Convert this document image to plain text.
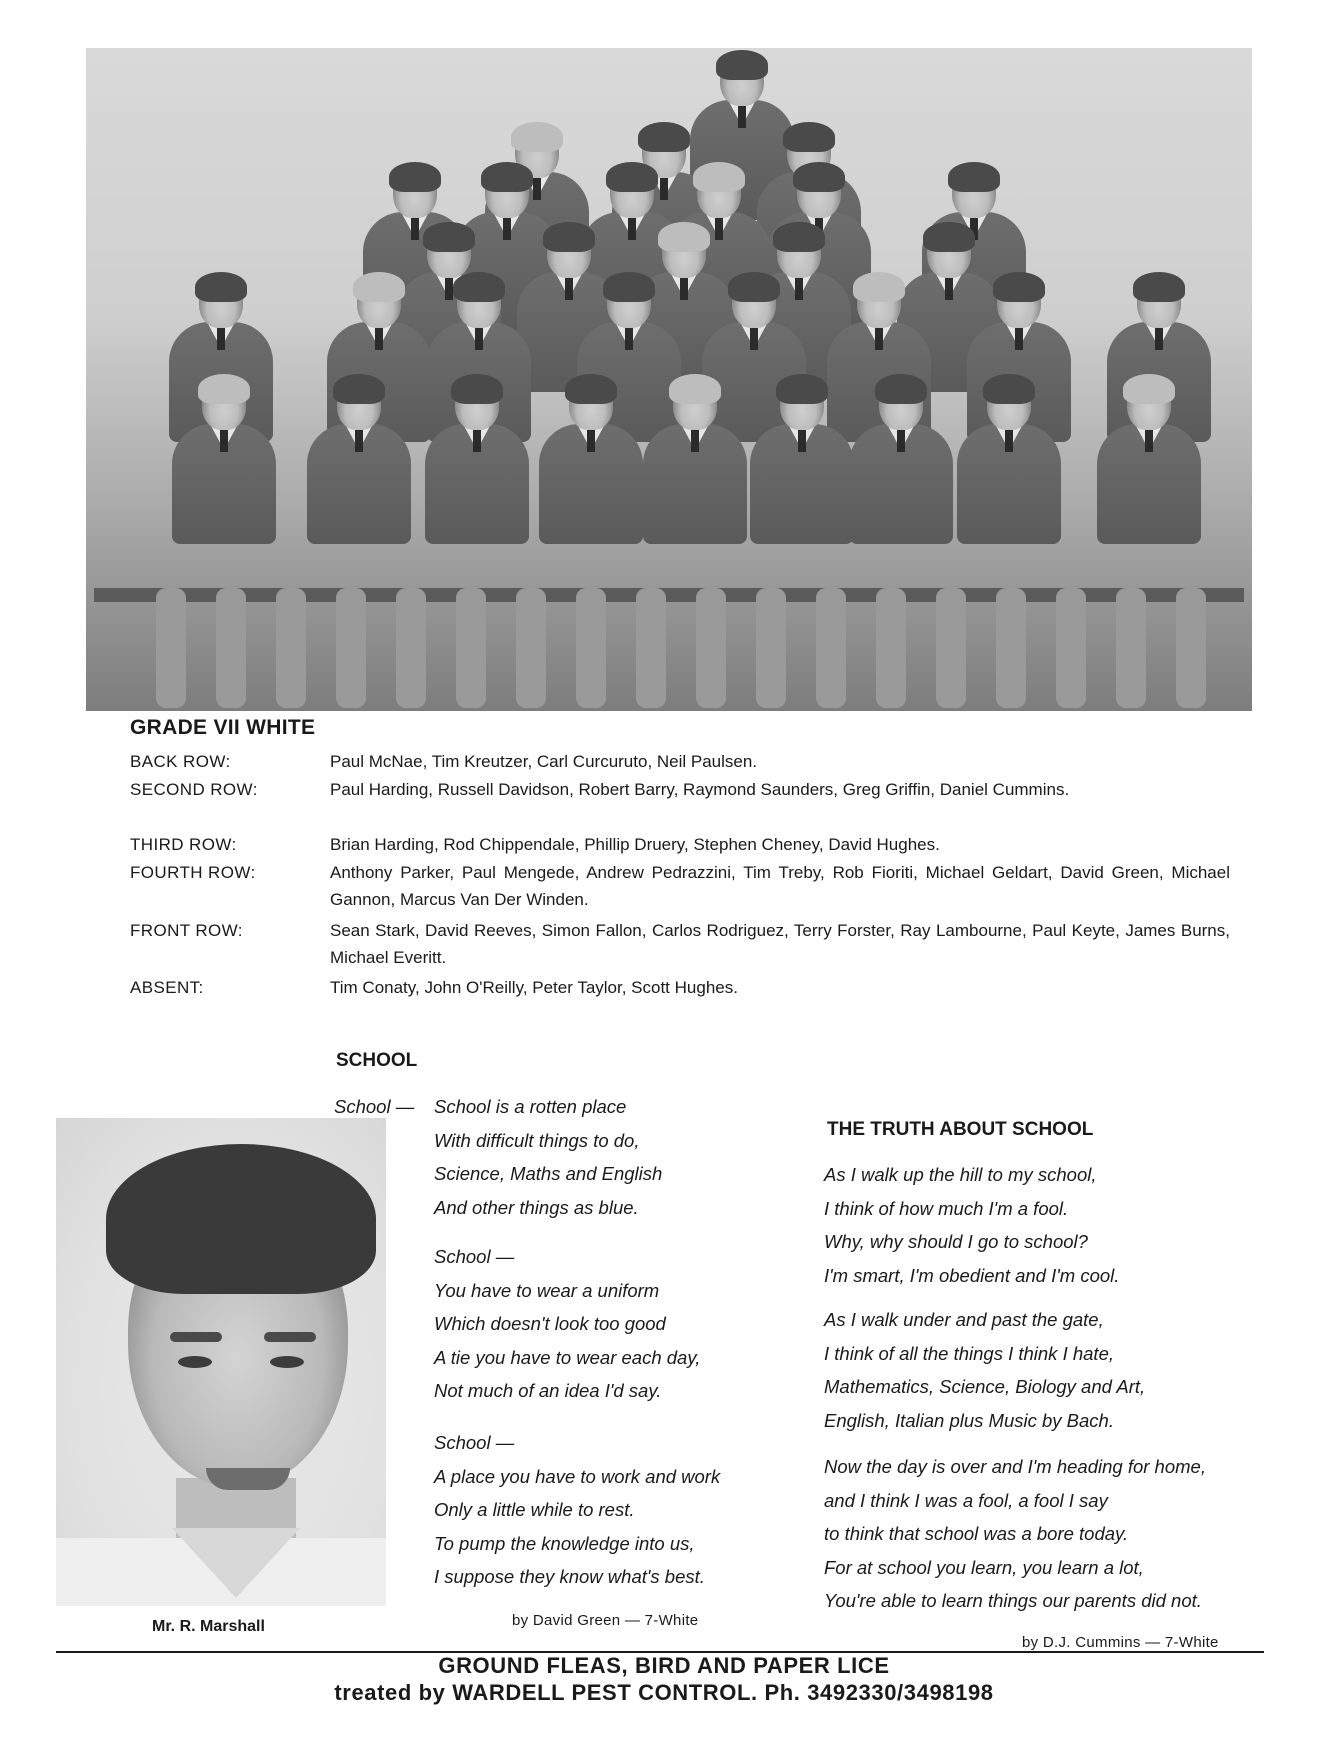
GRADE VII WHITE
BACK ROW:	Paul McNae, Tim Kreutzer, Carl Curcuruto, Neil Paulsen.
SECOND ROW:	Paul Harding, Russell Davidson, Robert Barry, Raymond Saunders, Greg Griffin, Daniel Cummins.
THIRD ROW:	Brian Harding, Rod Chippendale, Phillip Druery, Stephen Cheney, David Hughes.
FOURTH ROW:	Anthony Parker, Paul Mengede, Andrew Pedrazzini, Tim Treby, Rob Fioriti, Michael Geldart, David Green, Michael Gannon, Marcus Van Der Winden.
FRONT ROW:	Sean Stark, David Reeves, Simon Fallon, Carlos Rodriguez, Terry Forster, Ray Lambourne, Paul Keyte, James Burns, Michael Everitt.
ABSENT:	Tim Conaty, John O'Reilly, Peter Taylor, Scott Hughes.
SCHOOL
School — School is a rotten place
With difficult things to do,
Science, Maths and English
And other things as blue.
School —
You have to wear a uniform
Which doesn't look too good
A tie you have to wear each day,
Not much of an idea I'd say.
School —
A place you have to work and work
Only a little while to rest.
To pump the knowledge into us,
I suppose they know what's best.
by David Green — 7-White
THE TRUTH ABOUT SCHOOL
As I walk up the hill to my school,
I think of how much I'm a fool.
Why, why should I go to school?
I'm smart, I'm obedient and I'm cool.
As I walk under and past the gate,
I think of all the things I think I hate,
Mathematics, Science, Biology and Art,
English, Italian plus Music by Bach.
Now the day is over and I'm heading for home,
and I think I was a fool, a fool I say
to think that school was a bore today.
For at school you learn, you learn a lot,
You're able to learn things our parents did not.
by D.J. Cummins — 7-White
Mr. R. Marshall
GROUND FLEAS, BIRD AND PAPER LICE
treated by WARDELL PEST CONTROL. Ph. 3492330/3498198
